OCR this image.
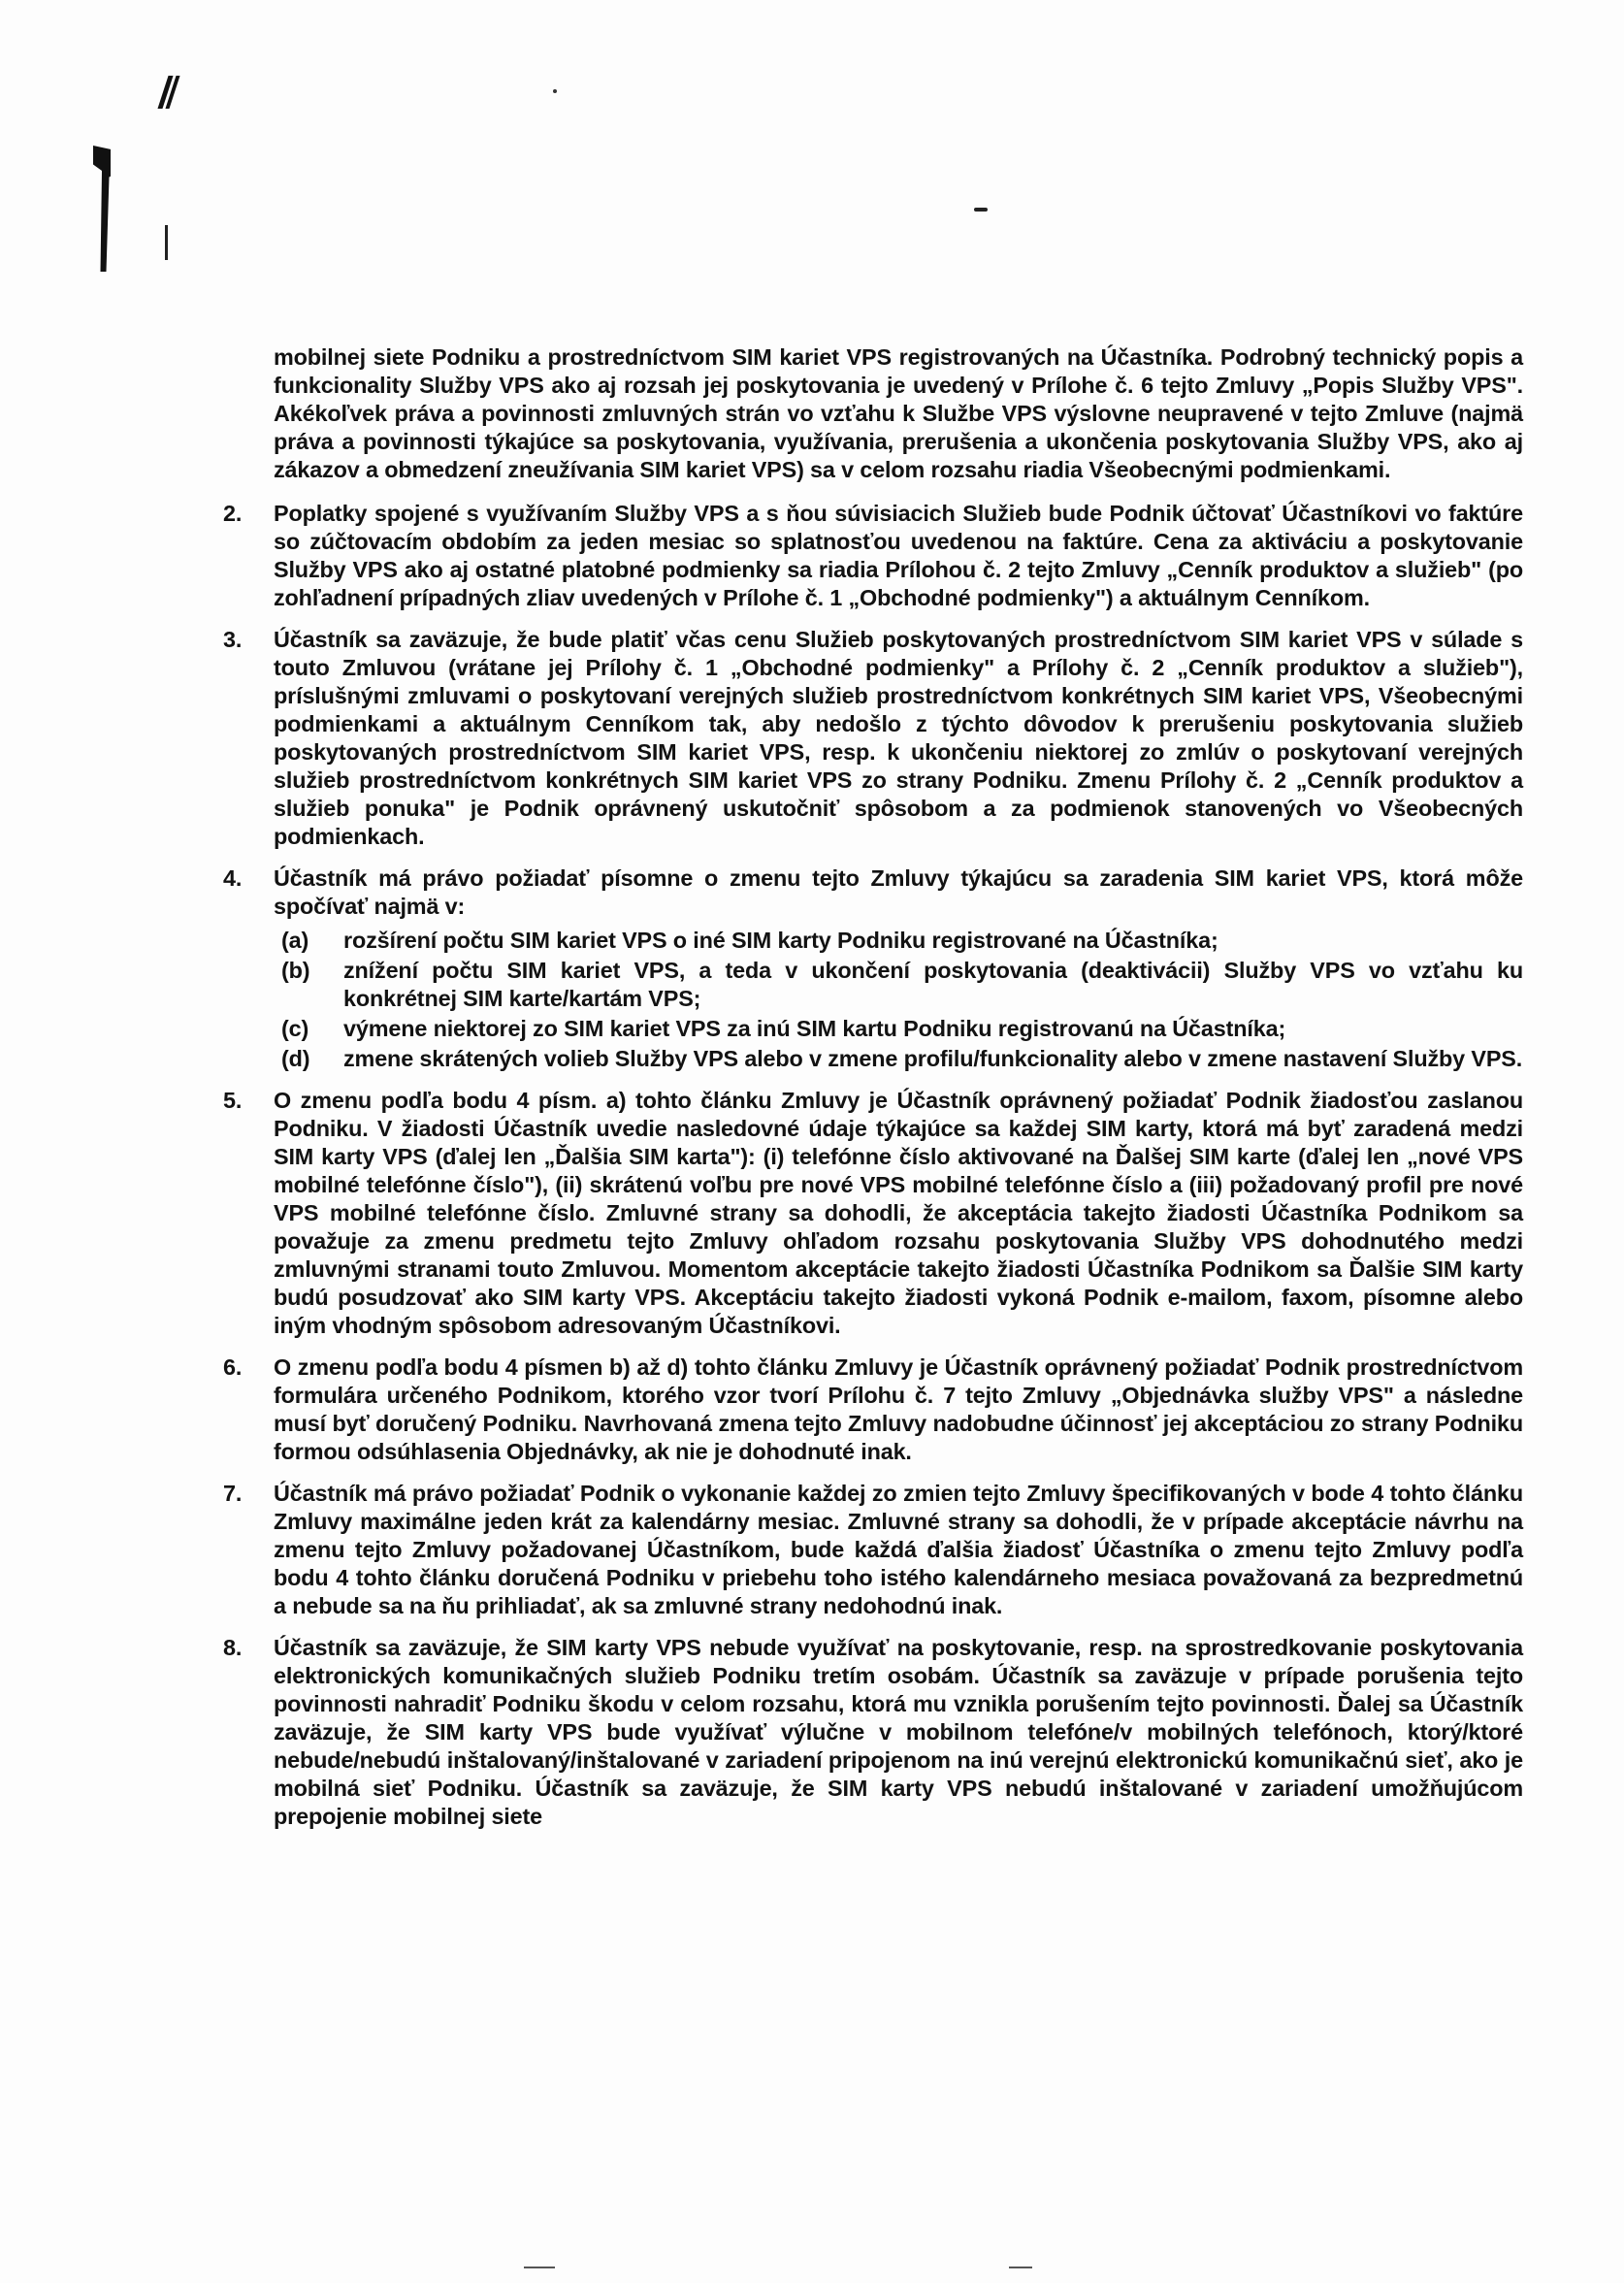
mobilnej siete Podniku a prostredníctvom SIM kariet VPS registrovaných na Účastníka. Podrobný technický popis a funkcionality Služby VPS ako aj rozsah jej poskytovania je uvedený v Prílohe č. 6 tejto Zmluvy „Popis Služby VPS". Akékoľvek práva a povinnosti zmluvných strán vo vzťahu k Službe VPS výslovne neupravené v tejto Zmluve (najmä práva a povinnosti týkajúce sa poskytovania, využívania, prerušenia a ukončenia poskytovania Služby VPS, ako aj zákazov a obmedzení zneužívania SIM kariet VPS) sa v celom rozsahu riadia Všeobecnými podmienkami.

2. Poplatky spojené s využívaním Služby VPS a s ňou súvisiacich Služieb bude Podnik účtovať Účastníkovi vo faktúre so zúčtovacím obdobím za jeden mesiac so splatnosťou uvedenou na faktúre. Cena za aktiváciu a poskytovanie Služby VPS ako aj ostatné platobné podmienky sa riadia Prílohou č. 2 tejto Zmluvy „Cenník produktov a služieb" (po zohľadnení prípadných zliav uvedených v Prílohe č. 1 „Obchodné podmienky") a aktuálnym Cenníkom.

3. Účastník sa zaväzuje, že bude platiť včas cenu Služieb poskytovaných prostredníctvom SIM kariet VPS v súlade s touto Zmluvou (vrátane jej Prílohy č. 1 „Obchodné podmienky" a Prílohy č. 2 „Cenník produktov a služieb"), príslušnými zmluvami o poskytovaní verejných služieb prostredníctvom konkrétnych SIM kariet VPS, Všeobecnými podmienkami a aktuálnym Cenníkom tak, aby nedošlo z týchto dôvodov k prerušeniu poskytovania služieb poskytovaných prostredníctvom SIM kariet VPS, resp. k ukončeniu niektorej zo zmlúv o poskytovaní verejných služieb prostredníctvom konkrétnych SIM kariet VPS zo strany Podniku. Zmenu Prílohy č. 2 „Cenník produktov a služieb ponuka" je Podnik oprávnený uskutočniť spôsobom a za podmienok stanovených vo Všeobecných podmienkach.

4. Účastník má právo požiadať písomne o zmenu tejto Zmluvy týkajúcu sa zaradenia SIM kariet VPS, ktorá môže spočívať najmä v:

(a) rozšírení počtu SIM kariet VPS o iné SIM karty Podniku registrované na Účastníka;
(b) znížení počtu SIM kariet VPS, a teda v ukončení poskytovania (deaktivácii) Služby VPS vo vzťahu ku konkrétnej SIM karte/kartám VPS;
(c) výmene niektorej zo SIM kariet VPS za inú SIM kartu Podniku registrovanú na Účastníka;
(d) zmene skrátených volieb Služby VPS alebo v zmene profilu/funkcionality alebo v zmene nastavení Služby VPS.
5. O zmenu podľa bodu 4 písm. a) tohto článku Zmluvy je Účastník oprávnený požiadať Podnik žiadosťou zaslanou Podniku. V žiadosti Účastník uvedie nasledovné údaje týkajúce sa každej SIM karty, ktorá má byť zaradená medzi SIM karty VPS (ďalej len „Ďalšia SIM karta"): (i) telefónne číslo aktivované na Ďalšej SIM karte (ďalej len „nové VPS mobilné telefónne číslo"), (ii) skrátenú voľbu pre nové VPS mobilné telefónne číslo a (iii) požadovaný profil pre nové VPS mobilné telefónne číslo. Zmluvné strany sa dohodli, že akceptácia takejto žiadosti Účastníka Podnikom sa považuje za zmenu predmetu tejto Zmluvy ohľadom rozsahu poskytovania Služby VPS dohodnutého medzi zmluvnými stranami touto Zmluvou. Momentom akceptácie takejto žiadosti Účastníka Podnikom sa Ďalšie SIM karty budú posudzovať ako SIM karty VPS. Akceptáciu takejto žiadosti vykoná Podnik e-mailom, faxom, písomne alebo iným vhodným spôsobom adresovaným Účastníkovi.

6. O zmenu podľa bodu 4 písmen b) až d) tohto článku Zmluvy je Účastník oprávnený požiadať Podnik prostredníctvom formulára určeného Podnikom, ktorého vzor tvorí Prílohu č. 7 tejto Zmluvy „Objednávka služby VPS" a následne musí byť doručený Podniku. Navrhovaná zmena tejto Zmluvy nadobudne účinnosť jej akceptáciou zo strany Podniku formou odsúhlasenia Objednávky, ak nie je dohodnuté inak.

7. Účastník má právo požiadať Podnik o vykonanie každej zo zmien tejto Zmluvy špecifikovaných v bode 4 tohto článku Zmluvy maximálne jeden krát za kalendárny mesiac. Zmluvné strany sa dohodli, že v prípade akceptácie návrhu na zmenu tejto Zmluvy požadovanej Účastníkom, bude každá ďalšia žiadosť Účastníka o zmenu tejto Zmluvy podľa bodu 4 tohto článku doručená Podniku v priebehu toho istého kalendárneho mesiaca považovaná za bezpredmetnú a nebude sa na ňu prihliadať, ak sa zmluvné strany nedohodnú inak.

8. Účastník sa zaväzuje, že SIM karty VPS nebude využívať na poskytovanie, resp. na sprostredkovanie poskytovania elektronických komunikačných služieb Podniku tretím osobám. Účastník sa zaväzuje v prípade porušenia tejto povinnosti nahradiť Podniku škodu v celom rozsahu, ktorá mu vznikla porušením tejto povinnosti. Ďalej sa Účastník zaväzuje, že SIM karty VPS bude využívať výlučne v mobilnom telefóne/v mobilných telefónoch, ktorý/ktoré nebude/nebudú inštalovaný/inštalované v zariadení pripojenom na inú verejnú elektronickú komunikačnú sieť, ako je mobilná sieť Podniku. Účastník sa zaväzuje, že SIM karty VPS nebudú inštalované v zariadení umožňujúcom prepojenie mobilnej siete
